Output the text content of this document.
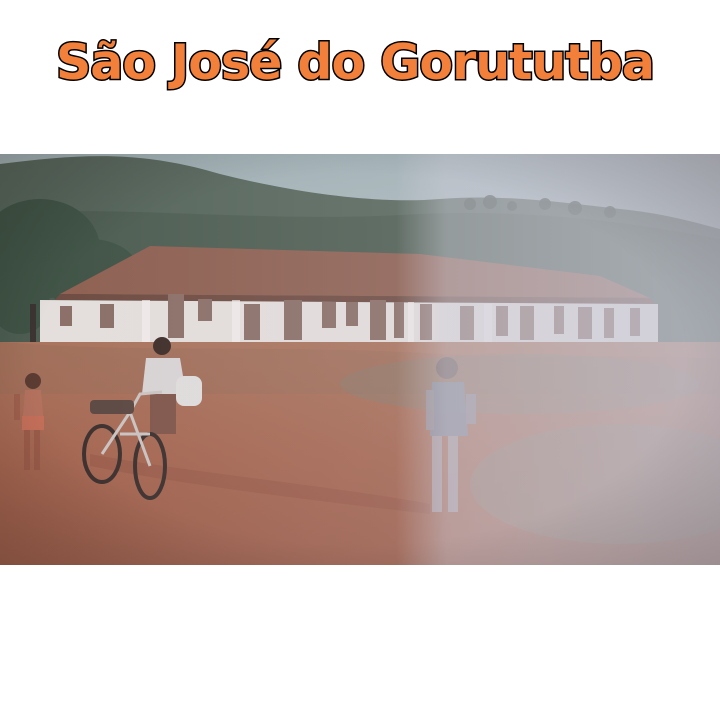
São José do Gorututba
